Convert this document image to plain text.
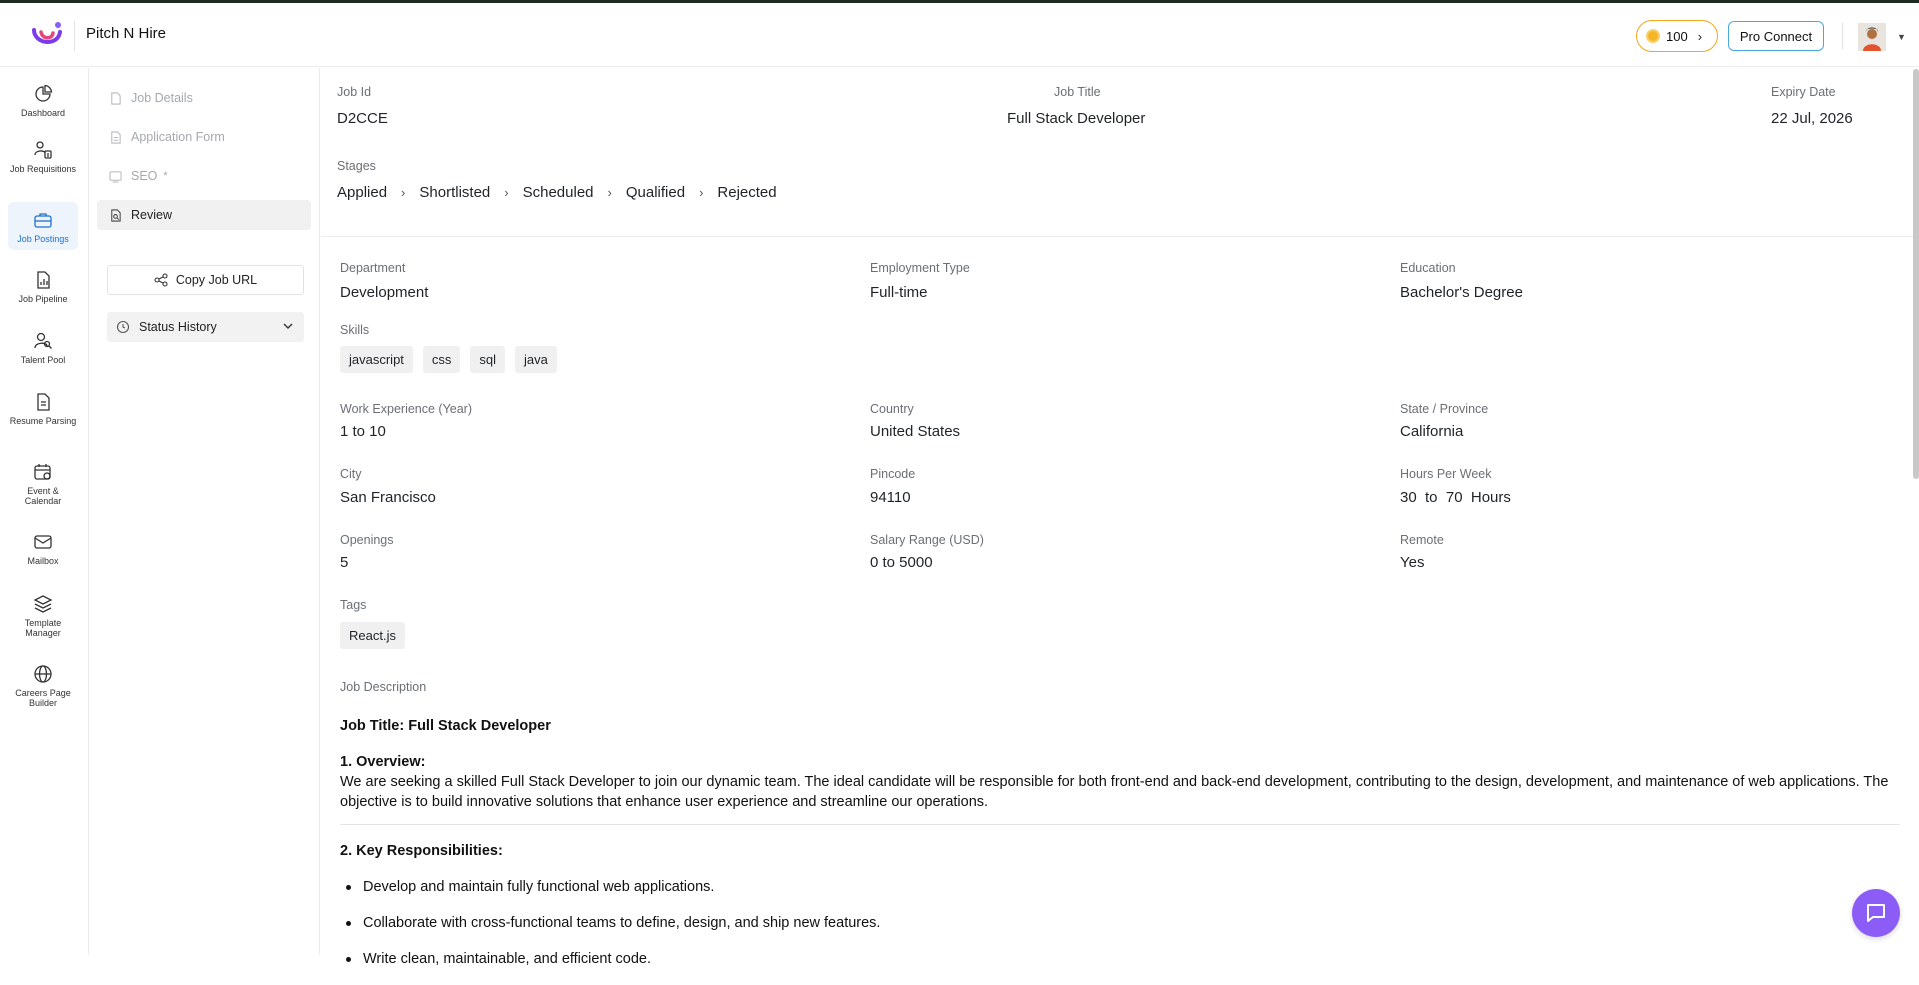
Pitch N Hire	100 ›	Pro Connect	▼
Dashboard
Job Requisitions
Job Postings
Job Pipeline
Talent Pool
Resume Parsing
Event & Calendar
Mailbox
Template Manager
Careers Page Builder
Job Details
Application Form
SEO *
Review
Copy Job URL
Status History
Job Id
D2CCE
Job Title
Full Stack Developer
Expiry Date
22 Jul, 2026
Stages
Applied › Shortlisted › Scheduled › Qualified › Rejected
Department
Development
Employment Type
Full-time
Education
Bachelor's Degree
Skills
javascript	css	sql	java
Work Experience (Year)
1 to 10
Country
United States
State / Province
California
City
San Francisco
Pincode
94110
Hours Per Week
30  to  70  Hours
Openings
5
Salary Range (USD)
0 to 5000
Remote
Yes
Tags
React.js
Job Description
Job Title: Full Stack Developer
1. Overview:

We are seeking a skilled Full Stack Developer to join our dynamic team. The ideal candidate will be responsible for both front-end and back-end development, contributing to the design, development, and maintenance of web applications. The objective is to build innovative solutions that enhance user experience and streamline our operations.

2. Key Responsibilities:
Develop and maintain fully functional web applications.
Collaborate with cross-functional teams to define, design, and ship new features.
Write clean, maintainable, and efficient code.
